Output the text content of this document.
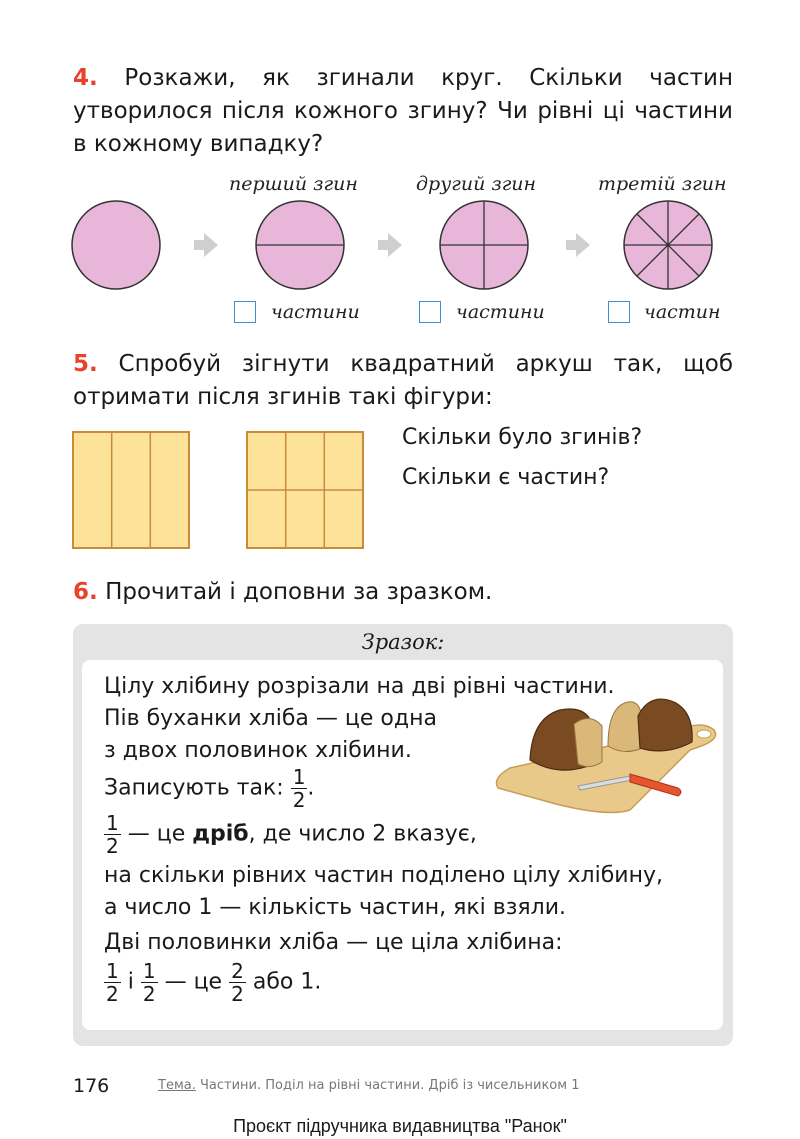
4. Розкажи, як згинали круг. Скільки частин утворилося після кожного згину? Чи рівні ці частини в кожному випадку?
перший згин	другий згин	третій згин
частини	частини	частин
5. Спробуй зігнути квадратний аркуш так, щоб отримати після згинів такі фігури:
Скільки було згинів?
Скільки є частин?
6. Прочитай і доповни за зразком.
Зразок:
Цілу хлібину розрізали на дві рівні частини.
Пів буханки хліба — це одна
з двох половинок хлібини.
Записують так: $\frac{1}{2}$ .
$\frac{1}{2}$ — це дріб, де число 2 вказує,
на скільки рівних частин поділено цілу хлібину,
а число 1 — кількість частин, які взяли.
Дві половинки хліба — це ціла хлібина:
$\frac{1}{2}$ і $\frac{1}{2}$ — це $\frac{2}{2}$ або 1.
176	Тема. Частини. Поділ на рівні частини. Дріб із чисельником 1
Проєкт підручника видавництва "Ранок"
